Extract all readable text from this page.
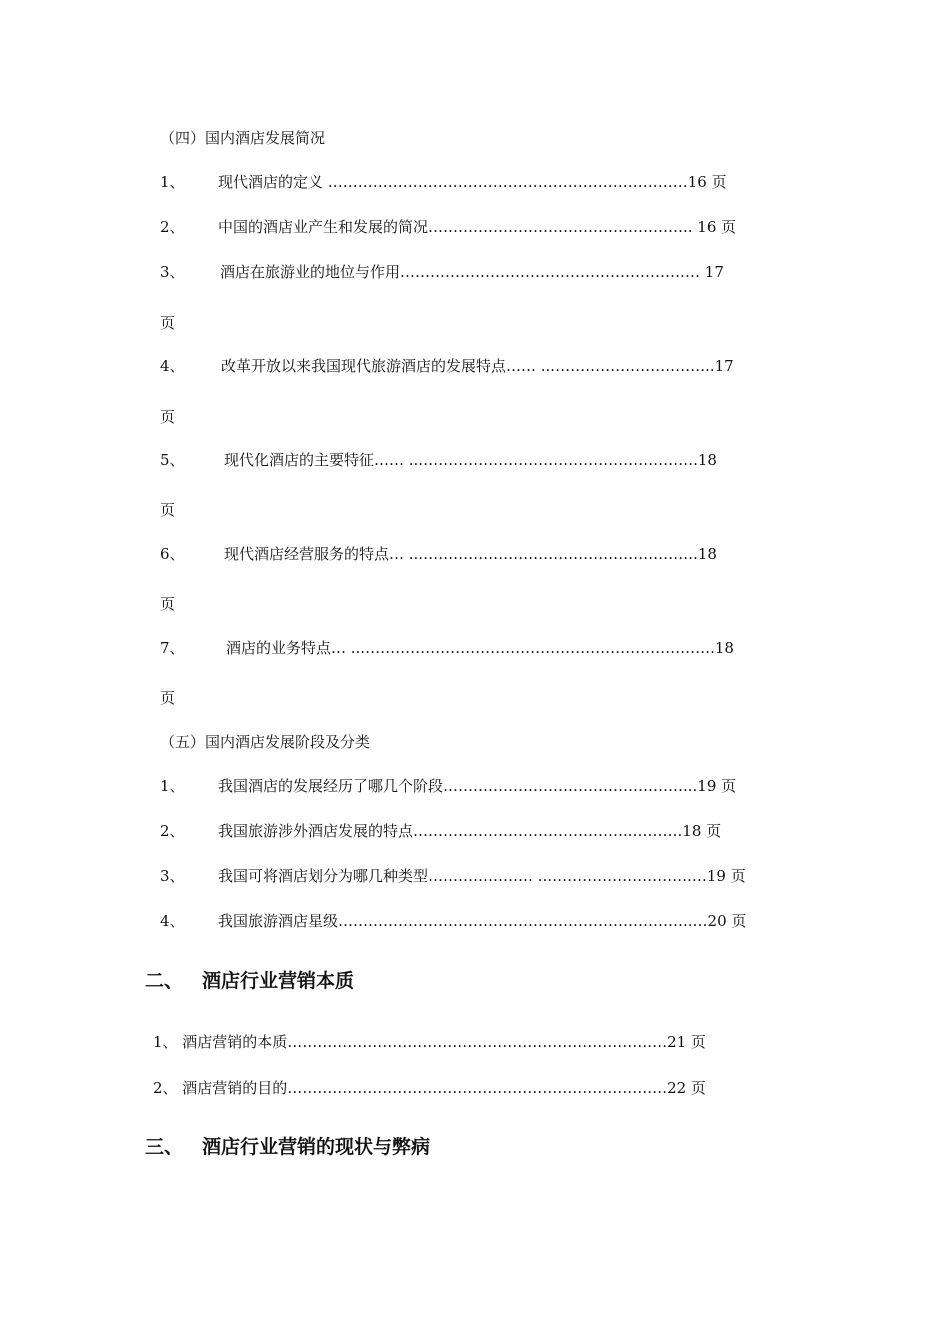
（四）国内酒店发展简况
1、 现代酒店的定义 ………………………………………………………………16 页
2、 中国的酒店业产生和发展的简况…………………………………………….. 16 页
3、 酒店在旅游业的地位与作用…………………………………………………… 17
页
4、 改革开放以来我国现代旅游酒店的发展特点…… ...…………………………..17
页
5、	现代化酒店的主要特征…… ...……………………………………………….18
页
6、	现代酒店经营服务的特点… ...……………………………………………….18
页
7、	酒店的业务特点… ...…………………………………………………………….18
页
（五）国内酒店发展阶段及分类
1、 我国酒店的发展经历了哪几个阶段…………………………………………...19 页
2、 我国旅游涉外酒店发展的特点……………………………………..……….18 页
3、 我国可将酒店划分为哪几种类型………………… ...……………………….…19 页
4、 我国旅游酒店星级……………………………………………………………..…20 页
二、 酒店行业营销本质
1、 酒店营销的本质……………………………………………………………….…21 页
2、 酒店营销的目的……………………………………………………………….…22 页
三、 酒店行业营销的现状与弊病
